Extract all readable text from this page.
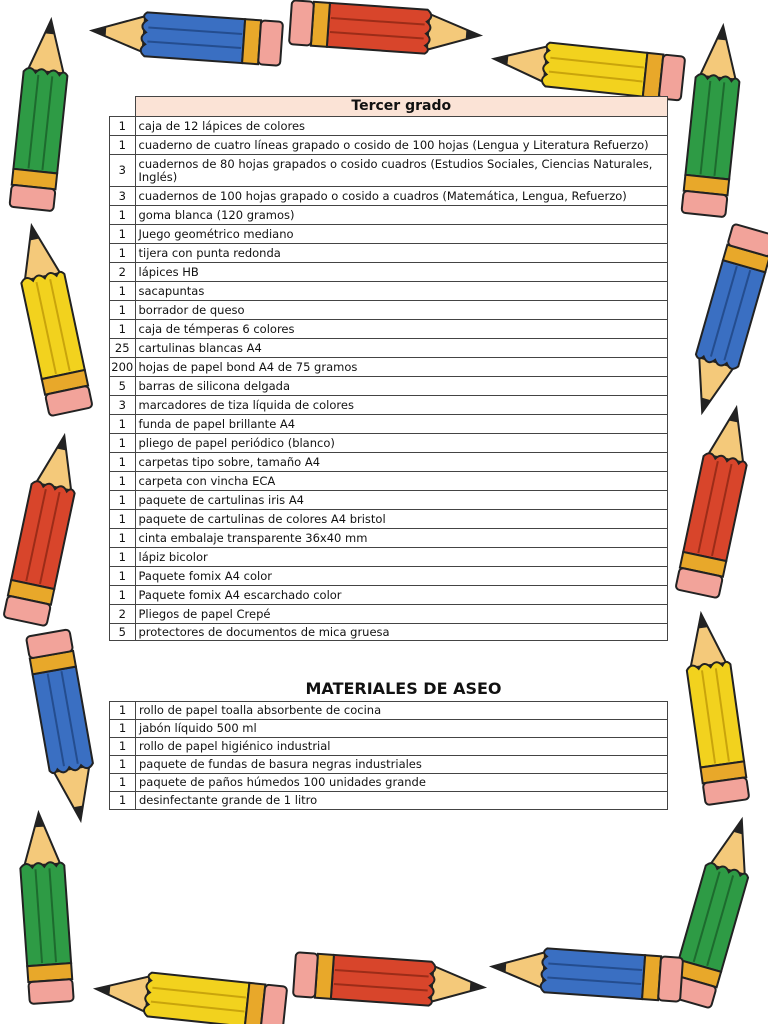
	Tercer grado
1	caja de 12 lápices de colores
1	cuaderno de cuatro líneas grapado o cosido de 100 hojas (Lengua y Literatura Refuerzo)
3	cuadernos de 80 hojas grapados o cosido cuadros (Estudios Sociales, Ciencias Naturales, Inglés)
3	cuadernos de 100 hojas grapado o cosido a cuadros (Matemática, Lengua, Refuerzo)
1	goma blanca (120 gramos)
1	Juego geométrico mediano
1	tijera con punta redonda
2	lápices HB
1	sacapuntas
1	borrador de queso
1	caja de témperas 6 colores
25	cartulinas blancas A4
200	hojas de papel bond A4 de 75 gramos
5	barras de silicona delgada
3	marcadores de tiza líquida de colores
1	funda de papel brillante A4
1	pliego de papel periódico (blanco)
1	carpetas tipo sobre, tamaño A4
1	carpeta con vincha ECA
1	paquete de cartulinas iris A4
1	paquete de cartulinas de colores A4 bristol
1	cinta embalaje transparente 36x40 mm
1	lápiz bicolor
1	Paquete fomix A4 color
1	Paquete fomix A4 escarchado color
2	Pliegos de papel Crepé
5	protectores de documentos de mica gruesa
MATERIALES DE ASEO
1	rollo de papel toalla absorbente de cocina
1	jabón líquido 500 ml
1	rollo de papel higiénico industrial
1	paquete de fundas de basura negras industriales
1	paquete de paños húmedos 100 unidades grande
1	desinfectante grande de 1 litro
